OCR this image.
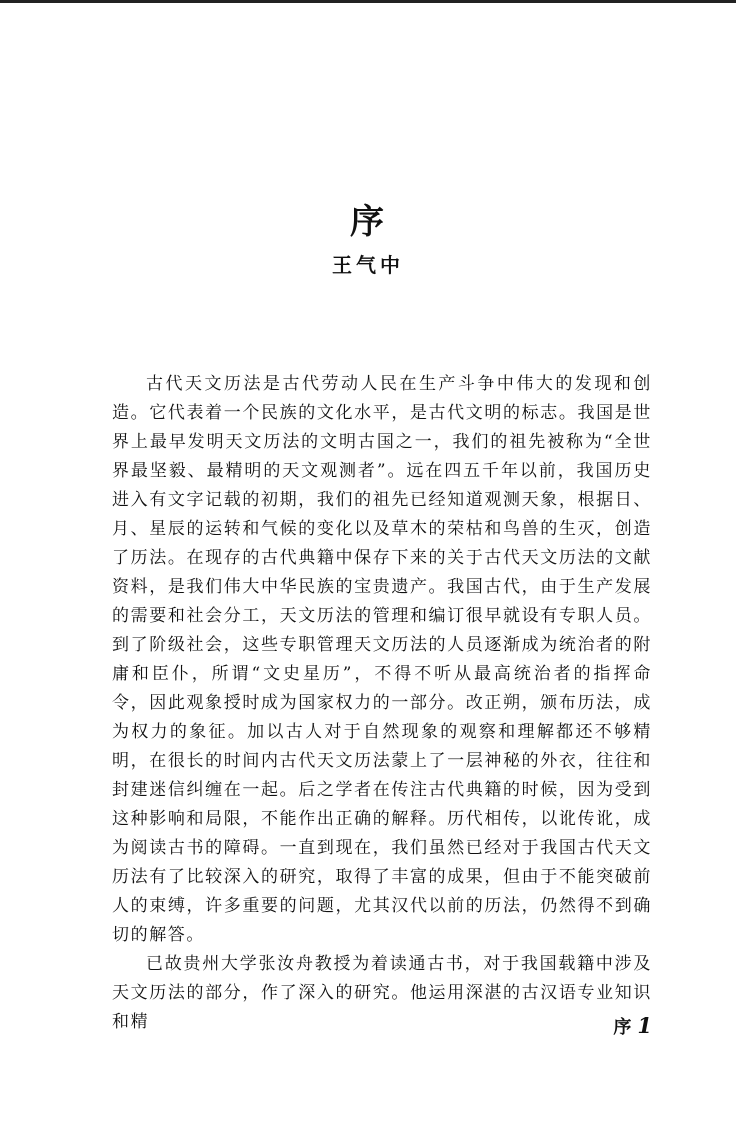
序
王气中

古代天文历法是古代劳动人民在生产斗争中伟大的发现和创造。它代表着一个民族的文化水平，是古代文明的标志。我国是世界上最早发明天文历法的文明古国之一，我们的祖先被称为“全世界最坚毅、最精明的天文观测者”。远在四五千年以前，我国历史进入有文字记载的初期，我们的祖先已经知道观测天象，根据日、月、星辰的运转和气候的变化以及草木的荣枯和鸟兽的生灭，创造了历法。在现存的古代典籍中保存下来的关于古代天文历法的文献资料，是我们伟大中华民族的宝贵遗产。我国古代，由于生产发展的需要和社会分工，天文历法的管理和编订很早就设有专职人员。到了阶级社会，这些专职管理天文历法的人员逐渐成为统治者的附庸和臣仆，所谓“文史星历”，不得不听从最高统治者的指挥命令，因此观象授时成为国家权力的一部分。改正朔，颁布历法，成为权力的象征。加以古人对于自然现象的观察和理解都还不够精明，在很长的时间内古代天文历法蒙上了一层神秘的外衣，往往和封建迷信纠缠在一起。后之学者在传注古代典籍的时候，因为受到这种影响和局限，不能作出正确的解释。历代相传，以讹传讹，成为阅读古书的障碍。一直到现在，我们虽然已经对于我国古代天文历法有了比较深入的研究，取得了丰富的成果，但由于不能突破前人的束缚，许多重要的问题，尤其汉代以前的历法，仍然得不到确切的解答。

已故贵州大学张汝舟教授为着读通古书，对于我国载籍中涉及天文历法的部分，作了深入的研究。他运用深湛的古汉语专业知识和精	序 1
